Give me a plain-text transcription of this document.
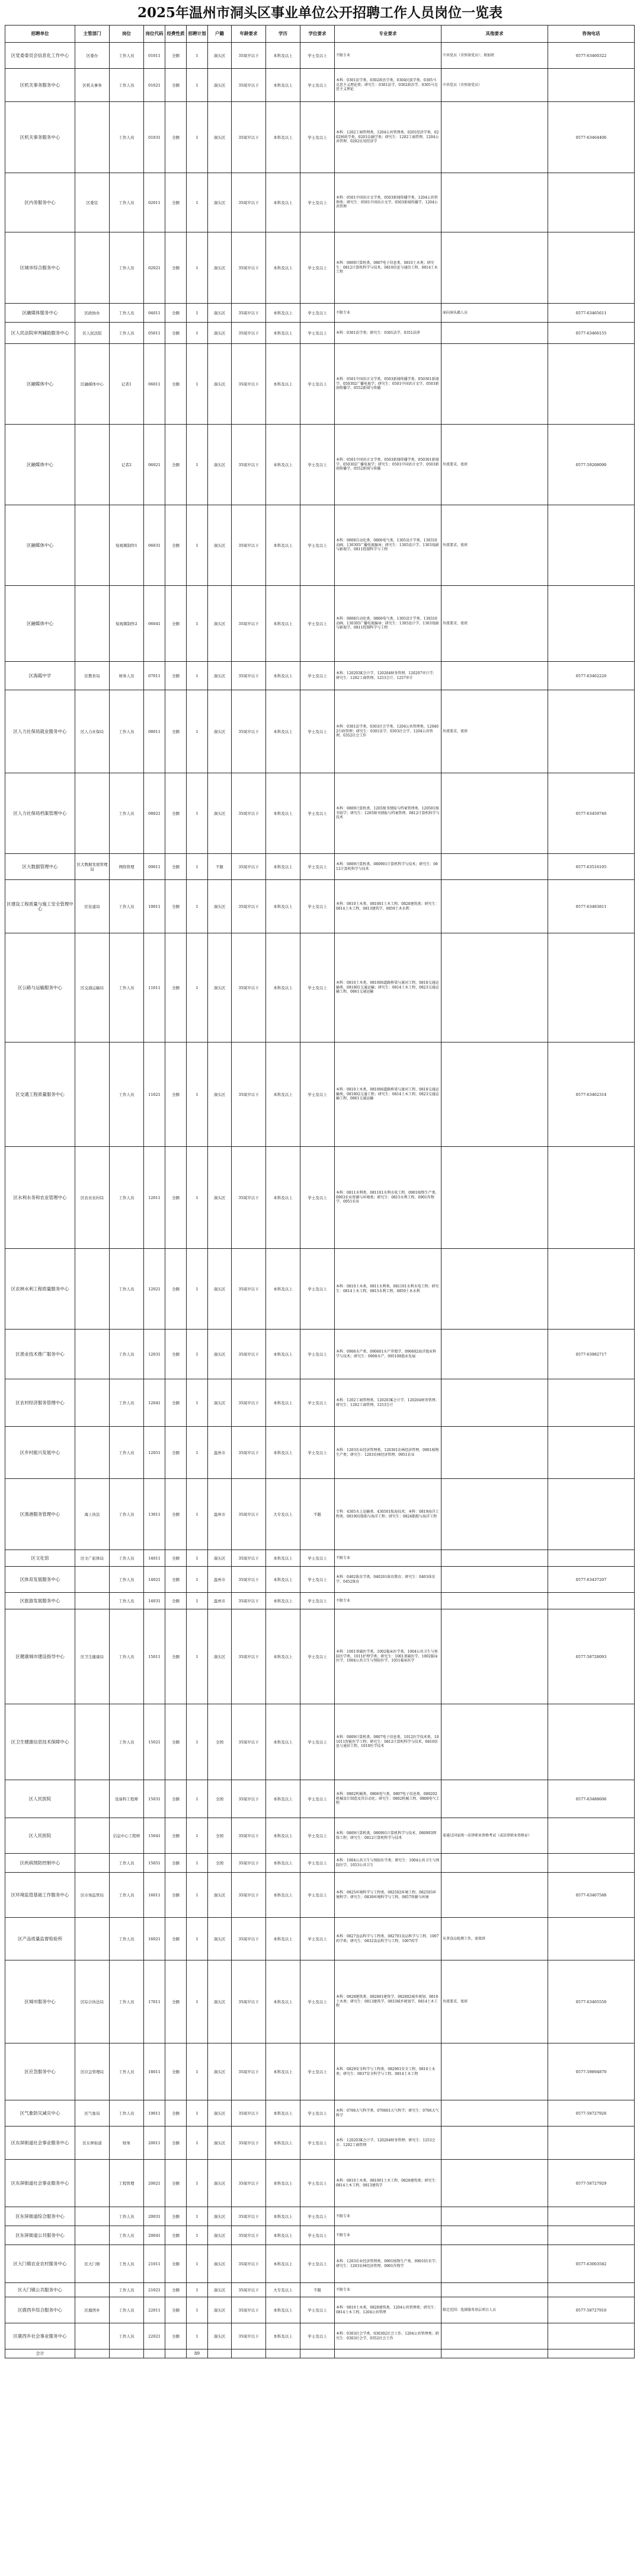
2025年温州市洞头区事业单位公开招聘工作人员岗位一览表
招聘单位	主管部门	岗位	岗位代码	经费性质	招聘计划	户籍	年龄要求	学历	学位要求	专业要求	其他要求	咨询电话
区党委委员会信息化工作中心	区委办	工作人员	01011	全额	1	洞头区	35周岁以下	本科及以上	学士及以上	不限专业	中共党员（含预备党员）；须加班	0577-63460322
区机关事务服务中心	区机关事务	工作人员	01021	全额	1	洞头区	35周岁以下	本科及以上	学士及以上	本科：0301法学类、0302政治学类、0304民族学类、0305马克思主义理论类；研究生：0301法学、0302政治学、0305马克思主义理论	中共党员（含预备党员）	
区机关事务服务中心		工作人员	01031	全额	1	洞头区	35周岁以下	本科及以上	学士及以上	本科：1202工商管理类、1204公共管理类、0201经济学类、0202财政学类、0203金融学类；研究生：1202工商管理、1204公共管理、0202应用经济学		0577-63464406
区内务服务中心	区委宣	工作人员	02011	全额	1	洞头区	35周岁以下	本科及以上	学士及以上	本科：0501中国语言文学类、0503新闻传播学类、1204公共管理类；研究生：0501中国语言文学、0503新闻传播学、1204公共管理		
区城市综合服务中心		工作人员	02021	全额	1	洞头区	35周岁以下	本科及以上	学士及以上	本科：0809计算机类、0807电子信息类、0810土木类；研究生：0812计算机科学与技术、0810信息与通信工程、0814土木工程		
区融媒体服务中心	区政协办	工作人员	04011	全额	1	洞头区	35周岁以下	本科及以上	学士及以上	不限专业	面向洞头籍人员	0577-63465611
区人民法院审判辅助服务中心	区人民法院	工作人员	05011	全额	1	洞头区	35周岁以下	本科及以上	学士及以上	本科：0301法学类；研究生：0301法学、0351法律		0577-63466155
区融媒体中心	区融媒体中心	记者1	06011	全额	1	洞头区	35周岁以下	本科及以上	学士及以上	本科：0501中国语言文学类、0503新闻传播学类、050301新闻学、050302广播电视学；研究生：0501中国语言文学、0503新闻传播学、0552新闻与传播		
区融媒体中心		记者2	06021	全额	1	洞头区	35周岁以下	本科及以上	学士及以上	本科：0501中国语言文学类、0503新闻传播学类、050301新闻学、050302广播电视学；研究生：0501中国语言文学、0503新闻传播学、0552新闻与传播	外派要求，夜班	0577-59208090
区融媒体中心		短视频制作1	06031	全额	1	洞头区	35周岁以下	本科及以上	学士及以上	本科：0808自动化类、0806电气类、1305设计学类、130310动画、130305广播电视编导；研究生：1305设计学、1303戏剧与影视学、0811控制科学与工程	外派要求，夜班	
区融媒体中心		短视频制作2	06041	全额	1	洞头区	35周岁以下	本科及以上	学士及以上	本科：0808自动化类、0806电气类、1305设计学类、130310动画、130305广播电视编导；研究生：1305设计学、1303戏剧与影视学、0811控制科学与工程	外派要求，夜班	
区海霞中学	区教育局	财务人员	07011	全额	1	洞头区	35周岁以下	本科及以上	学士及以上	本科：120203K会计学、120204财务管理、120207审计学；研究生：1202工商管理、1253会计、1257审计		0577-63462220
区人力社保局就业服务中心	区人力社保局	工作人员	08011	全额	1	洞头区	35周岁以下	本科及以上	学士及以上	本科：0301法学类、0303社会学类、1204公共管理类、120402行政管理；研究生：0301法学、0303社会学、1204公共管理、0352社会工作	外派要求，夜班	
区人力社保局档案管理中心		工作人员	08021	全额	1	洞头区	35周岁以下	本科及以上	学士及以上	本科：0809计算机类、1205图书情报与档案管理类、120501图书馆学；研究生：1205图书情报与档案管理、0812计算机科学与技术		0577-63459740
区大数据管理中心	区大数据发展管理局	网络管理	09011	全额	1	不限	35周岁以下	本科及以上	学士及以上	本科：0809计算机类、080901计算机科学与技术；研究生：0812计算机科学与技术		0577-63516105
区建设工程质量与施工安全管理中心	区住建局	工作人员	10011	全额	1	洞头区	35周岁以下	本科及以上	学士及以上	本科：0810土木类、081001土木工程、0828建筑类；研究生：0814土木工程、0813建筑学、0859土木水利		0577-63483811
区公路与运输服务中心	区交通运输局	工作人员	11011	全额	1	洞头区	35周岁以下	本科及以上	学士及以上	本科：0810土木类、081006道路桥梁与渡河工程、0818交通运输类、081801交通运输；研究生：0814土木工程、0823交通运输工程、0861交通运输		
区交通工程质量服务中心		工作人员	11021	全额	1	洞头区	35周岁以下	本科及以上	学士及以上	本科：0810土木类、081006道路桥梁与渡河工程、0818交通运输类、081802交通工程；研究生：0814土木工程、0823交通运输工程、0861交通运输		0577-63462314
区水利水务和农业管理中心	区农业农村局	工作人员	12011	全额	1	洞头区	35周岁以下	本科及以上	学士及以上	本科：0811水利类、081101水利水电工程、0901植物生产类、0903农业资源与环境类；研究生：0815水利工程、0901作物学、0951农业		
区农林水利工程质量服务中心		工作人员	12021	全额	1	洞头区	35周岁以下	本科及以上	学士及以上	本科：0810土木类、0811水利类、081101水利水电工程；研究生：0814土木工程、0815水利工程、0859土木水利		
区渔业技术推广服务中心		工作人员	12031	全额	1	洞头区	35周岁以下	本科及以上	学士及以上	本科：0906水产类、090601水产养殖学、090602海洋渔业科学与技术；研究生：0908水产、095108渔业发展		0577-63982717
区农村经济服务管理中心		工作人员	12041	全额	1	洞头区	35周岁以下	本科及以上	学士及以上	本科：1202工商管理类、120203K会计学、120204财务管理；研究生：1202工商管理、1253会计		
区乡村振兴发展中心		工作人员	12051	全额	1	温州市	35周岁以下	本科及以上	学士及以上	本科：1203农业经济管理类、120301农林经济管理、0901植物生产类；研究生：1203农林经济管理、0951农业		
区渔港服务管理中心	海上执法	工作人员	13011	全额	1	温州市	35周岁以下	大专及以上	不限	专科：4305水上运输类、430501航海技术；本科：0819海洋工程类、081901船舶与海洋工程；研究生：0824船舶与海洋工程		
区文化馆	区文广旅体局	工作人员	14011	全额	1	洞头区	35周岁以下	本科及以上	学士及以上	不限专业		
区体育发展服务中心		工作人员	14021	全额	1	温州市	35周岁以下	本科及以上	学士及以上	本科：0402体育学类、040201体育教育；研究生：0403体育学、0452体育		0577-63437207
区旅游发展服务中心		工作人员	14031	全额	1	温州市	35周岁以下	本科及以上	学士及以上	不限专业		
区健康城市建设指导中心	区卫生健康局	工作人员	15011	全额	1	洞头区	35周岁以下	本科及以上	学士及以上	本科：1001基础医学类、1002临床医学类、1004公共卫生与预防医学类、1011护理学类；研究生：1001基础医学、1002临床医学、1004公共卫生与预防医学、1051临床医学		0577-58728093
区卫生健康信息技术保障中心		工作人员	15021	全额	1	全国	35周岁以下	本科及以上	学士及以上	本科：0809计算机类、0807电子信息类、1012医学技术类、101011智能医学工程；研究生：0812计算机科学与技术、0810信息与通信工程、1010医学技术		
区人民医院		设备科工程师	15031	全额	1	全国	35周岁以下	本科及以上	学士及以上	本科：0802机械类、0806电气类、0807电子信息类、080202机械设计制造及其自动化；研究生：0802机械工程、0808电气工程		0577-63488606
区人民医院		信息中心工程师	15041	全额	1	全国	35周岁以下	本科及以上	学士及以上	本科：0809计算机类、080901计算机科学与技术、080903网络工程；研究生：0812计算机科学与技术	需通过国家统一法律职业资格考试（或法律职业资格证）	
区疾病预防控制中心		工作人员	15051	全额	1	全国	35周岁以下	本科及以上	学士及以上	本科：1004公共卫生与预防医学类；研究生：1004公共卫生与预防医学、1053公共卫生		
区环境监管基础工作服务中心	区市场监管局	工作人员	16011	全额	1	洞头区	35周岁以下	本科及以上	学士及以上	本科：0825环境科学与工程类、082502环境工程、082503环境科学；研究生：0830环境科学与工程、0857资源与环境		0577-63467588
区产品质量监督检验所		工作人员	16021	全额	1	洞头区	35周岁以下	本科及以上	学士及以上	本科：0827食品科学与工程类、082701食品科学与工程、1007药学类；研究生：0832食品科学与工程、1007药学	从事食品检测工作，需夜班	
区城市服务中心	区综合执法局	工作人员	17011	全额	1	洞头区	35周岁以下	本科及以上	学士及以上	本科：0828建筑类、082801建筑学、082802城乡规划、0810土木类；研究生：0813建筑学、0833城乡规划学、0814土木工程	外派要求，夜班	0577-63465550
区应急服务中心	区应急管理局	工作人员	18011	全额	1	洞头区	35周岁以下	本科及以上	学士及以上	本科：0829安全科学与工程类、082901安全工程、0810土木类；研究生：0837安全科学与工程、0814土木工程		0577-59894870
区气象防灾减灾中心	区气象局	工作人员	19011	全额	1	洞头区	35周岁以下	本科及以上	学士及以上	本科：0706大气科学类、070601大气科学；研究生：0706大气科学		0577-58727926
区东屏街道社会事业服务中心	区东屏街道	财务	20011	全额	1	洞头区	35周岁以下	本科及以上	学士及以上	本科：120203K会计学、120204财务管理；研究生：1253会计、1202工商管理		
区东屏街道社会事业服务中心		工程管理	20021	全额	1	洞头区	35周岁以下	本科及以上	学士及以上	本科：0810土木类、081001土木工程、0828建筑类；研究生：0814土木工程、0813建筑学		0577-58727929
区东屏街道综合服务中心		工作人员	20031	全额	1	洞头区	35周岁以下	本科及以上	学士及以上	不限专业		
区东屏街道公共服务中心		工作人员	20041	全额	1	洞头区	35周岁以下	本科及以上	学士及以上	不限专业		
区大门镇农业农村服务中心	区大门镇	工作人员	21011	全额	1	洞头区	35周岁以下	本科及以上	学士及以上	本科：1203农业经济管理类、0901植物生产类、090101农学；研究生：1203农林经济管理、0901作物学		0577-63003582
区大门镇公共服务中心		工作人员	21021	全额	1	洞头区	35周岁以下	大专及以上	不限	不限专业		
区鹿西乡综合服务中心	区鹿西乡	工作人员	22011	全额	1	洞头区	35周岁以下	本科及以上	学士及以上	本科：0810土木类、0828建筑类、1204公共管理类；研究生：0814土木工程、1204公共管理	限定范围：选择服务基层项目人员	0577-58727910
区鹿西乡社会事业服务中心		工作人员	22021	全额	1	洞头区	35周岁以下	本科及以上	学士及以上	本科：0303社会学类、030302社会工作、1204公共管理类；研究生：0303社会学、0352社会工作		
合计					89							
